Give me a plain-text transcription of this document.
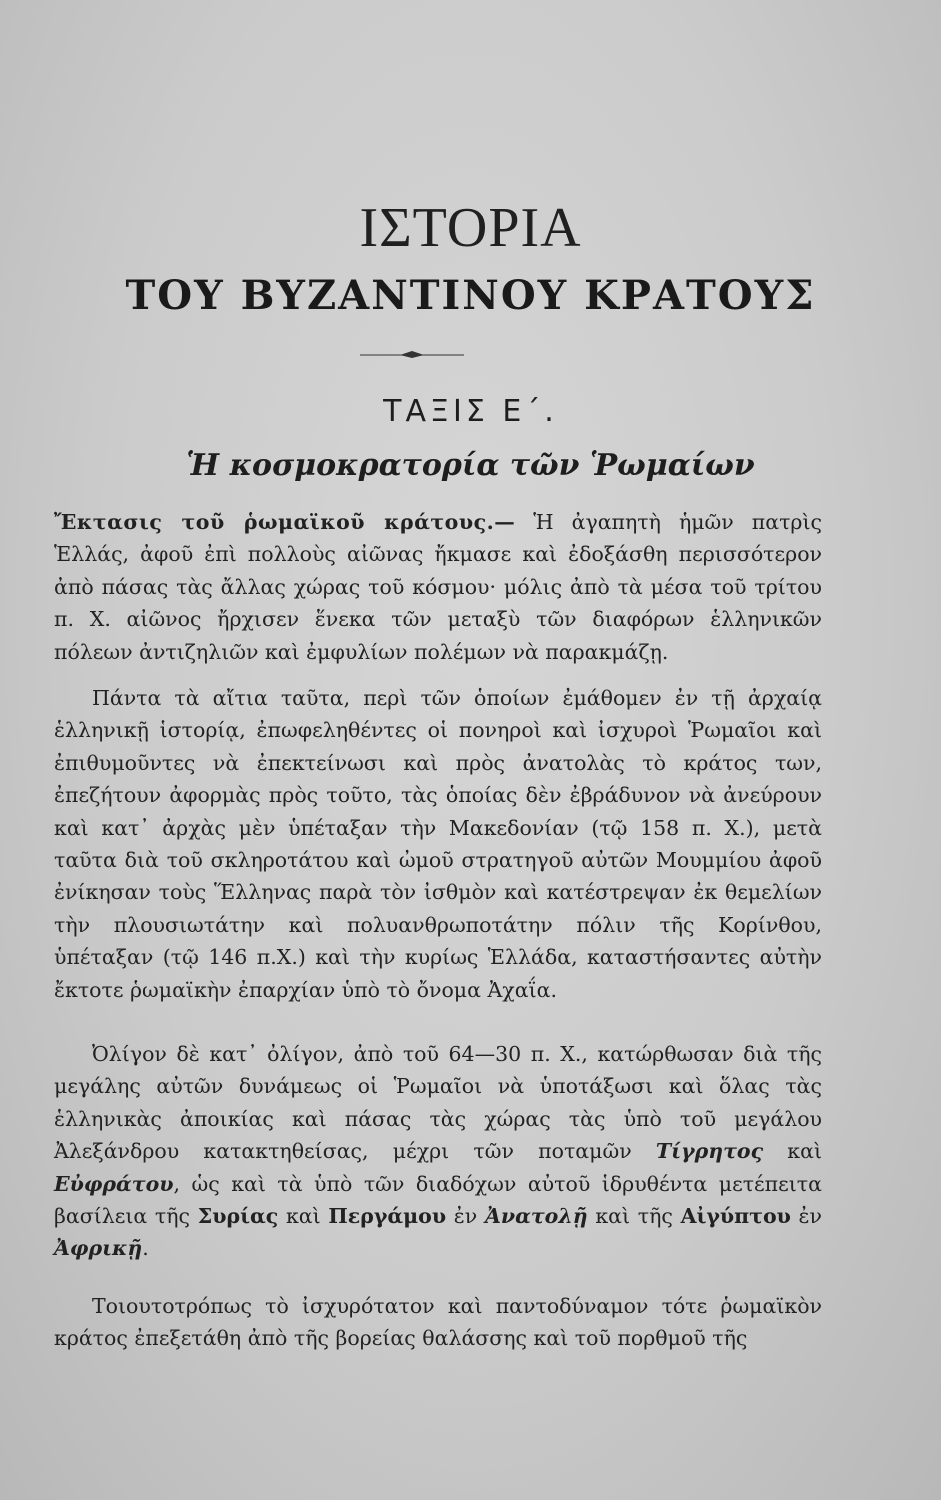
ΙΣΤΟΡΙΑ
ΤΟΥ ΒΥΖΑΝΤΙΝΟΥ ΚΡΑΤΟΥΣ
ΤΑΞΙΣ Ε΄.
Ἡ κοσμοκρατορία τῶν Ῥωμαίων

Ἔκτασις τοῦ ῥωμαϊκοῦ κράτους.— Ἡ ἀγαπητὴ ἡμῶν πατρὶς Ἑλλάς, ἀφοῦ ἐπὶ πολλοὺς αἰῶνας ἤκμασε καὶ ἐδοξάσθη περισσότερον ἀπὸ πάσας τὰς ἄλλας χώρας τοῦ κόσμου· μόλις ἀπὸ τὰ μέσα τοῦ τρίτου π. Χ. αἰῶνος ἤρχισεν ἕνεκα τῶν μεταξὺ τῶν διαφόρων ἑλληνικῶν πόλεων ἀντιζηλιῶν καὶ ἐμφυλίων πολέμων νὰ παρακμάζῃ.

Πάντα τὰ αἴτια ταῦτα, περὶ τῶν ὁποίων ἐμάθομεν ἐν τῇ ἀρχαίᾳ ἑλληνικῇ ἱστορίᾳ, ἐπωφεληθέντες οἱ πονηροὶ καὶ ἰσχυροὶ Ῥωμαῖοι καὶ ἐπιθυμοῦντες νὰ ἐπεκτείνωσι καὶ πρὸς ἀνατολὰς τὸ κράτος των, ἐπεζήτουν ἀφορμὰς πρὸς τοῦτο, τὰς ὁποίας δὲν ἐβράδυνον νὰ ἀνεύρουν καὶ κατ᾽ ἀρχὰς μὲν ὑπέταξαν τὴν Μακεδονίαν (τῷ 158 π. Χ.), μετὰ ταῦτα διὰ τοῦ σκληροτάτου καὶ ὠμοῦ στρατηγοῦ αὐτῶν Μουμμίου ἀφοῦ ἐνίκησαν τοὺς Ἕλληνας παρὰ τὸν ἰσθμὸν καὶ κατέστρεψαν ἐκ θεμελίων τὴν πλουσιωτάτην καὶ πολυανθρωποτάτην πόλιν τῆς Κορίνθου, ὑπέταξαν (τῷ 146 π.Χ.) καὶ τὴν κυρίως Ἑλλάδα, καταστήσαντες αὐτὴν ἔκτοτε ῥωμαϊκὴν ἐπαρχίαν ὑπὸ τὸ ὄνομα Ἀχαΐα.

Ὀλίγον δὲ κατ᾽ ὀλίγον, ἀπὸ τοῦ 64—30 π. Χ., κατώρθωσαν διὰ τῆς μεγάλης αὐτῶν δυνάμεως οἱ Ῥωμαῖοι νὰ ὑποτάξωσι καὶ ὅλας τὰς ἑλληνικὰς ἀποικίας καὶ πάσας τὰς χώρας τὰς ὑπὸ τοῦ μεγάλου Ἀλεξάνδρου κατακτηθείσας, μέχρι τῶν ποταμῶν Τίγρητος καὶ Εὐφράτου, ὡς καὶ τὰ ὑπὸ τῶν διαδόχων αὐτοῦ ἱδρυθέντα μετέπειτα βασίλεια τῆς Συρίας καὶ Περγάμου ἐν Ἀνατολῇ καὶ τῆς Αἰγύπτου ἐν Ἀφρικῇ.

Τοιουτοτρόπως τὸ ἰσχυρότατον καὶ παντοδύναμον τότε ῥωμαϊκὸν κράτος ἐπεξετάθη ἀπὸ τῆς βορείας θαλάσσης καὶ τοῦ πορθμοῦ τῆς
